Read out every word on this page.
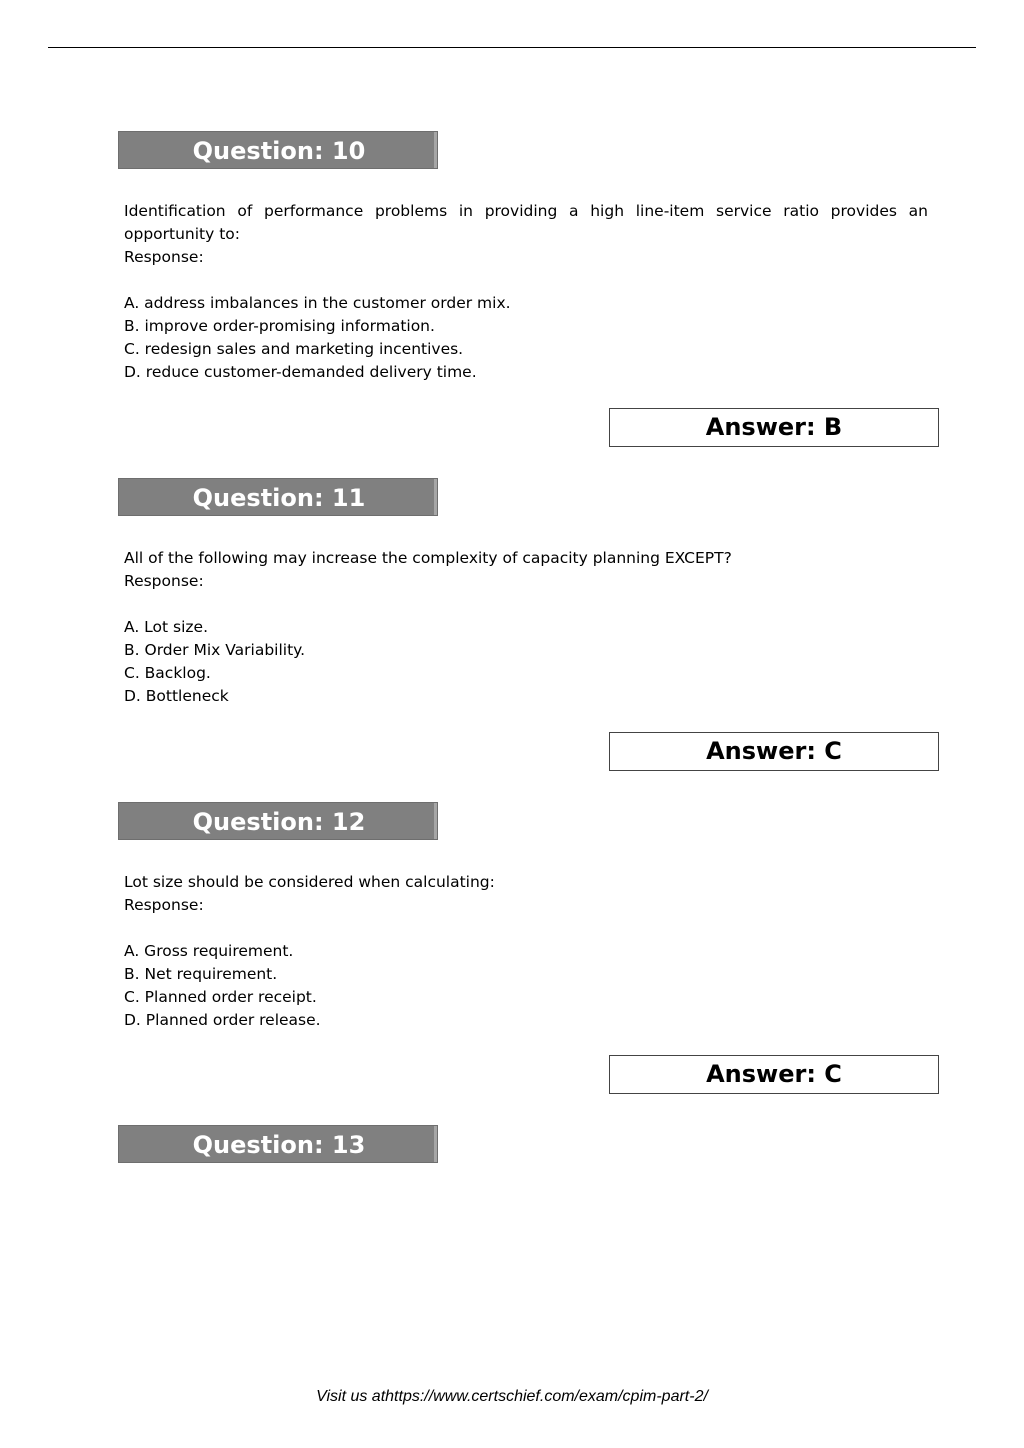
Question: 10

Identification of performance problems in providing a high line-item service ratio provides an opportunity to:

Response:

A. address imbalances in the customer order mix.
B. improve order-promising information.
C. redesign sales and marketing incentives.
D. reduce customer-demanded delivery time.
Answer: B
Question: 11

All of the following may increase the complexity of capacity planning EXCEPT?

Response:

A. Lot size.
B. Order Mix Variability.
C. Backlog.
D. Bottleneck
Answer: C
Question: 12

Lot size should be considered when calculating:

Response:

A. Gross requirement.
B. Net requirement.
C. Planned order receipt.
D. Planned order release.
Answer: C
Question: 13
Visit us athttps://www.certschief.com/exam/cpim-part-2/
